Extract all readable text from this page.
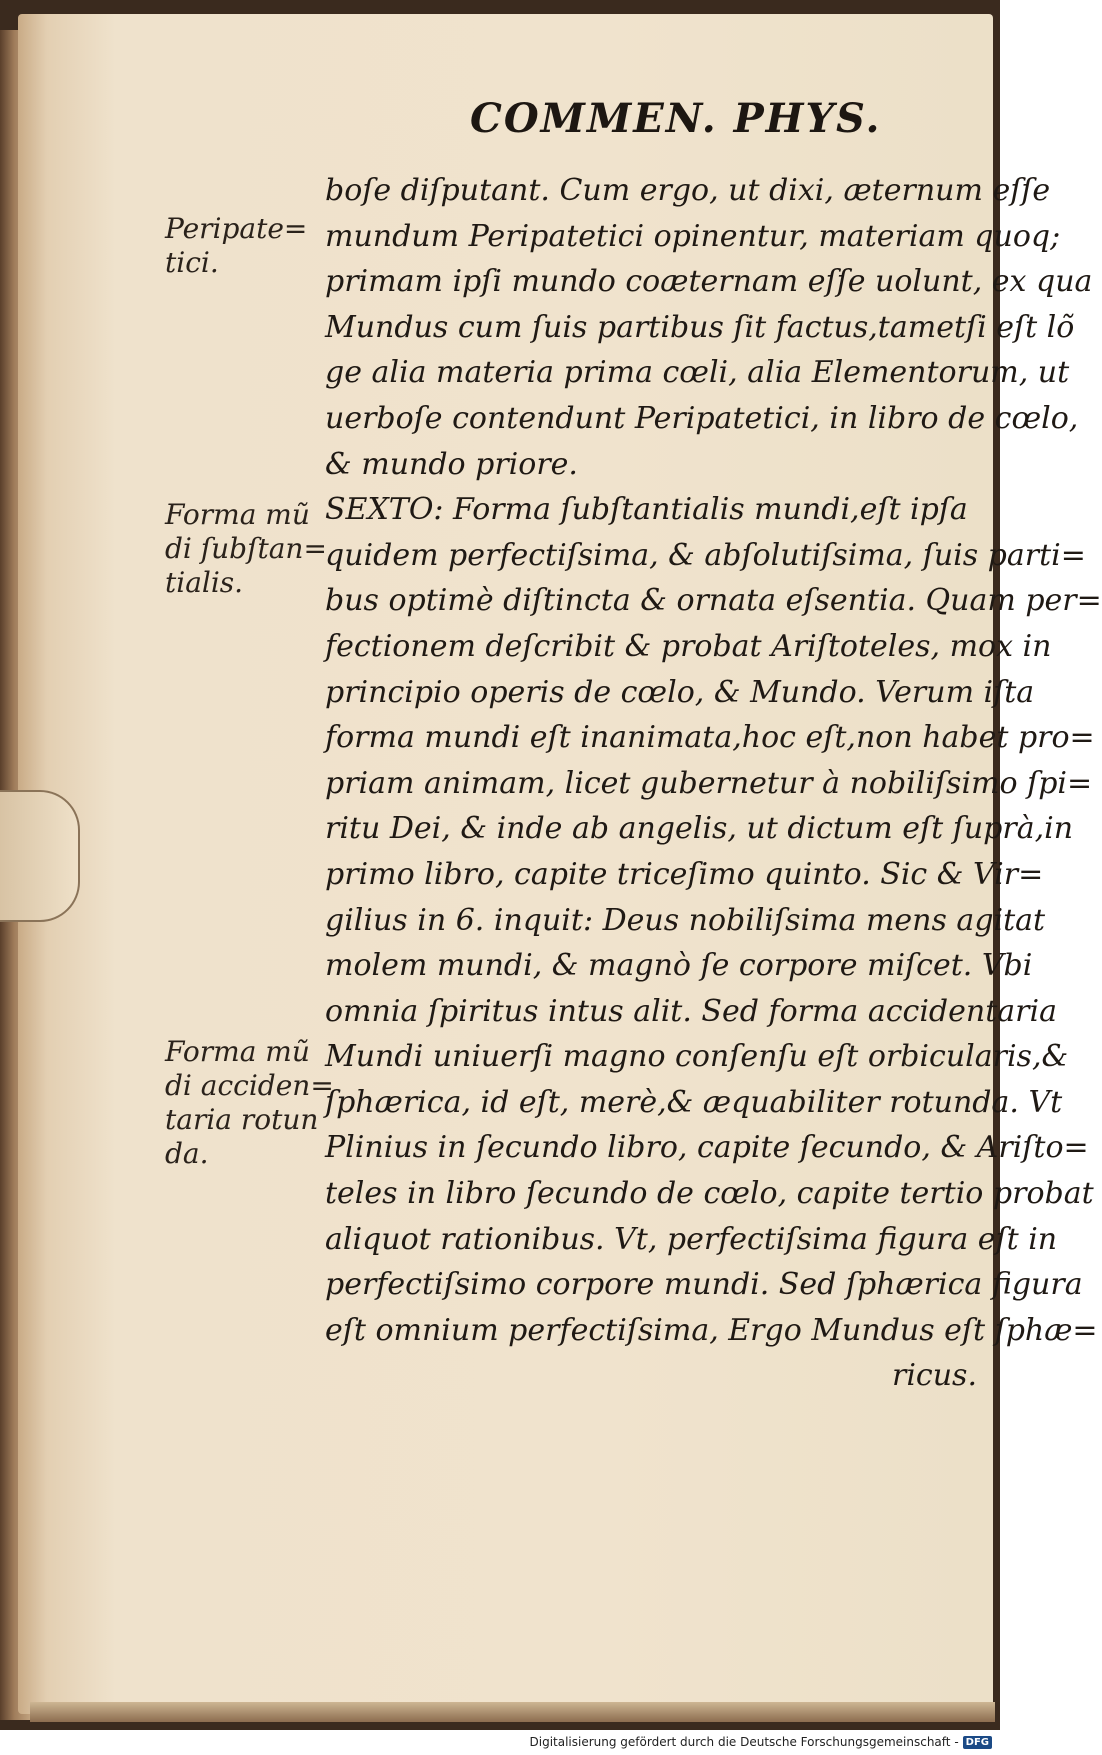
COMMEN. PHYS.
boſe diſputant. Cum ergo, ut dixi, æternum eſſe
mundum Peripatetici opinentur, materiam quoq;
primam ipſi mundo coæternam eſſe uolunt, ex qua
Mundus cum ſuis partibus ſit factus,tametſi eſt lõ
ge alia materia prima cœli, alia Elementorum, ut
uerboſe contendunt Peripatetici, in libro de cœlo,
& mundo priore.
SEXTO: Forma ſubſtantialis mundi,eſt ipſa
quidem perfectiſsima, & abſolutiſsima, ſuis parti=
bus optimè diſtincta & ornata eſsentia. Quam per=
fectionem deſcribit & probat Ariſtoteles, mox in
principio operis de cœlo, & Mundo. Verum iſta
forma mundi eſt inanimata,hoc eſt,non habet pro=
priam animam, licet gubernetur à nobiliſsimo ſpi=
ritu Dei, & inde ab angelis, ut dictum eſt ſuprà,in
primo libro, capite triceſimo quinto. Sic & Vir=
gilius in 6. inquit: Deus nobiliſsima mens agitat
molem mundi, & magnò ſe corpore miſcet. Vbi
omnia ſpiritus intus alit. Sed forma accidentaria
Mundi uniuerſi magno conſenſu eſt orbicularis,&
ſphærica, id eſt, merè,& æquabiliter rotunda. Vt
Plinius in ſecundo libro, capite ſecundo, & Ariſto=
teles in libro ſecundo de cœlo, capite tertio probat
aliquot rationibus. Vt, perfectiſsima figura eſt in
perfectiſsimo corpore mundi. Sed ſphærica figura
eſt omnium perfectiſsima, Ergo Mundus eſt ſphæ=
ricus.
Peripate=
tici.
Forma mũ
di ſubſtan=
tialis.
Forma mũ
di acciden=
taria rotun
da.
Digitalisierung gefördert durch die Deutsche Forschungsgemeinschaft - DFG
